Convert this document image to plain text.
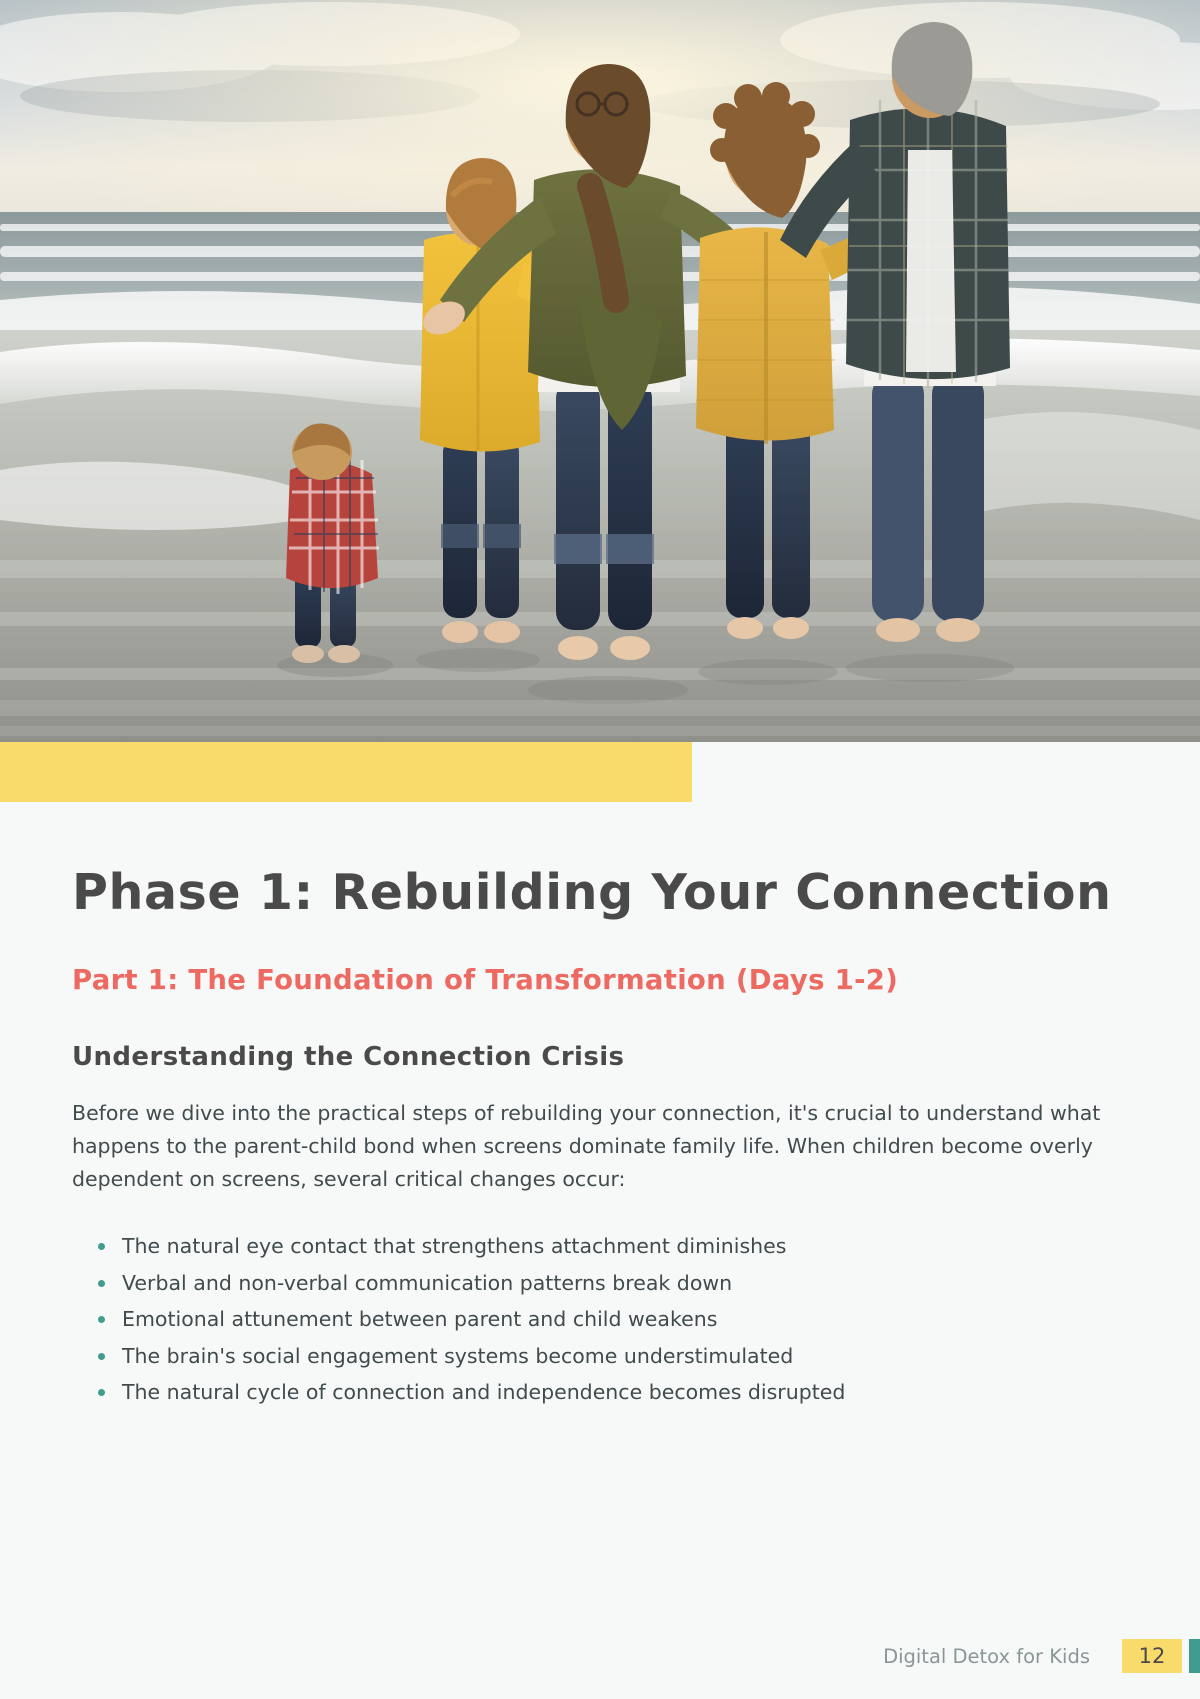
Phase 1: Rebuilding Your Connection
Part 1: The Foundation of Transformation (Days 1-2)
Understanding the Connection Crisis

Before we dive into the practical steps of rebuilding your connection, it's crucial to understand what happens to the parent-child bond when screens dominate family life. When children become overly dependent on screens, several critical changes occur:

The natural eye contact that strengthens attachment diminishes
Verbal and non-verbal communication patterns break down
Emotional attunement between parent and child weakens
The brain's social engagement systems become understimulated
The natural cycle of connection and independence becomes disrupted
Digital Detox for Kids	12
